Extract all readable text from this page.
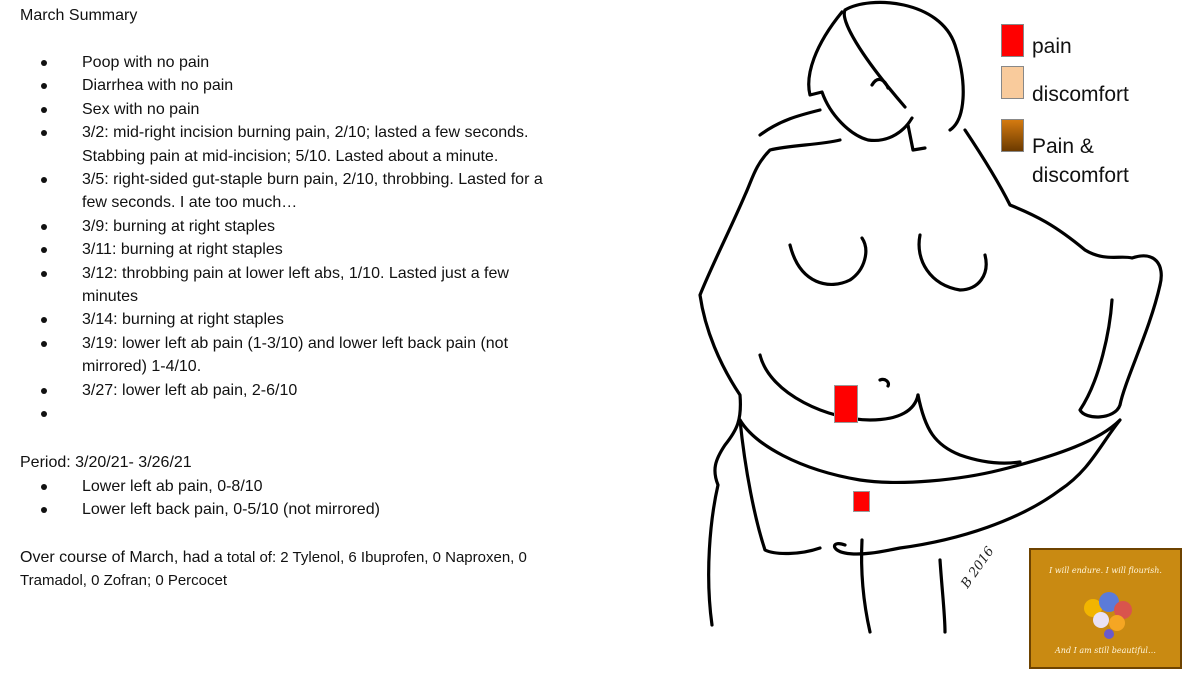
March Summary
Poop with no pain
Diarrhea with no pain
Sex with no pain
3/2: mid-right incision burning pain, 2/10; lasted a few seconds.
Stabbing pain at mid-incision; 5/10. Lasted about a minute.
3/5: right-sided gut-staple burn pain, 2/10, throbbing. Lasted for a
few seconds. I ate too much…
3/9: burning at right staples
3/11: burning at right staples
3/12: throbbing pain at lower left abs, 1/10. Lasted just a few
minutes
3/14: burning at right staples
3/19: lower left ab pain (1-3/10) and lower left back pain (not
mirrored) 1-4/10.
3/27: lower left ab pain, 2-6/10

Period: 3/20/21- 3/26/21
Lower left ab pain, 0-8/10
Lower left back pain, 0-5/10 (not mirrored)
Over course of March, had a total of: 2 Tylenol, 6 Ibuprofen, 0 Naproxen, 0
Tramadol, 0 Zofran; 0 Percocet	B 2016
pain
discomfort
Pain &
discomfort
I will endure. I will flourish.
And I am still beautiful…
